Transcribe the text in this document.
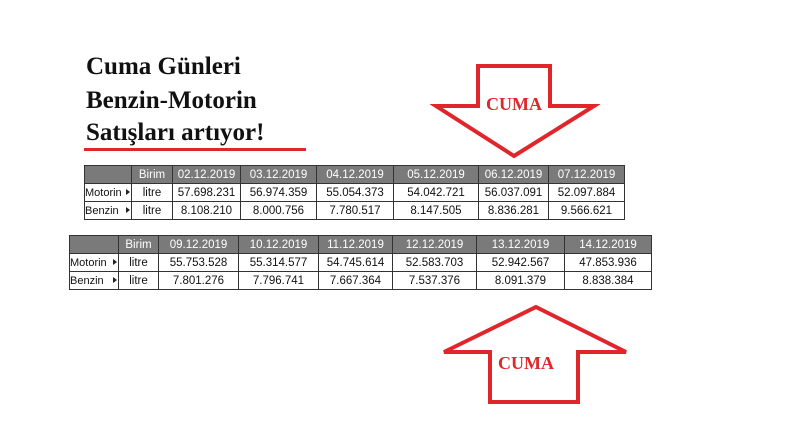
Cuma Günleri
Benzin-Motorin
Satışları artıyor!
CUMA
CUMA
	Birim	02.12.2019	03.12.2019	04.12.2019	05.12.2019	06.12.2019	07.12.2019
Motorin	litre	57.698.231	56.974.359	55.054.373	54.042.721	56.037.091	52.097.884
Benzin	litre	8.108.210	8.000.756	7.780.517	8.147.505	8.836.281	9.566.621
	Birim	09.12.2019	10.12.2019	11.12.2019	12.12.2019	13.12.2019	14.12.2019
Motorin	litre	55.753.528	55.314.577	54.745.614	52.583.703	52.942.567	47.853.936
Benzin	litre	7.801.276	7.796.741	7.667.364	7.537.376	8.091.379	8.838.384
